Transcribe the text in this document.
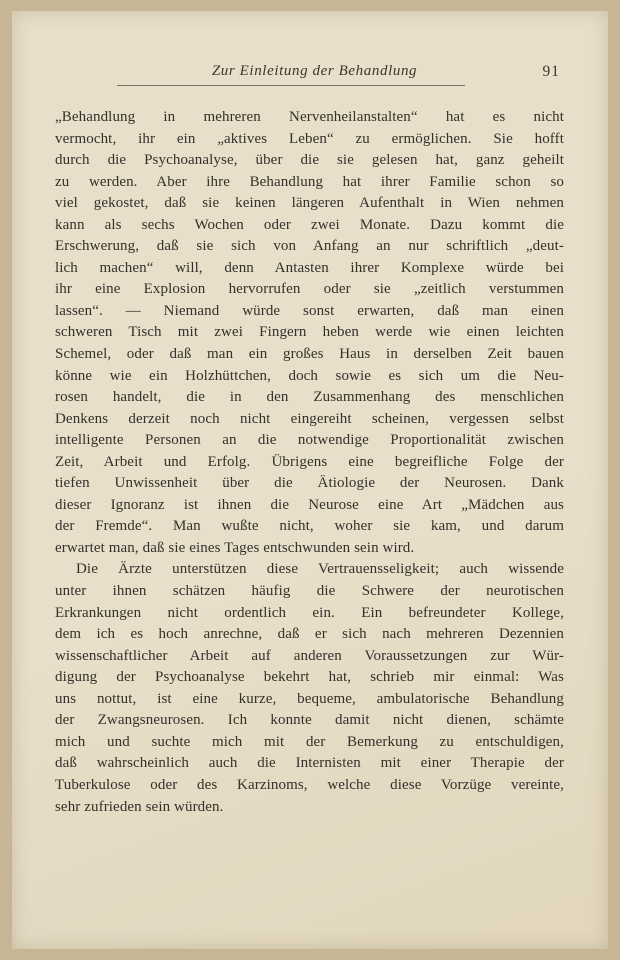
Zur Einleitung der Behandlung	91
„Behandlung in mehreren Nervenheilanstalten“ hat es nicht
vermocht, ihr ein „aktives Leben“ zu ermöglichen. Sie hofft
durch die Psychoanalyse, über die sie gelesen hat, ganz geheilt
zu werden. Aber ihre Behandlung hat ihrer Familie schon so
viel gekostet, daß sie keinen längeren Aufenthalt in Wien nehmen
kann als sechs Wochen oder zwei Monate. Dazu kommt die
Erschwerung, daß sie sich von Anfang an nur schriftlich „deut-
lich machen“ will, denn Antasten ihrer Komplexe würde bei
ihr eine Explosion hervorrufen oder sie „zeitlich verstummen
lassen“. — Niemand würde sonst erwarten, daß man einen
schweren Tisch mit zwei Fingern heben werde wie einen leichten
Schemel, oder daß man ein großes Haus in derselben Zeit bauen
könne wie ein Holzhüttchen, doch sowie es sich um die Neu-
rosen handelt, die in den Zusammenhang des menschlichen
Denkens derzeit noch nicht eingereiht scheinen, vergessen selbst
intelligente Personen an die notwendige Proportionalität zwischen
Zeit, Arbeit und Erfolg. Übrigens eine begreifliche Folge der
tiefen Unwissenheit über die Ätiologie der Neurosen. Dank
dieser Ignoranz ist ihnen die Neurose eine Art „Mädchen aus
der Fremde“. Man wußte nicht, woher sie kam, und darum
erwartet man, daß sie eines Tages entschwunden sein wird.
Die Ärzte unterstützen diese Vertrauensseligkeit; auch wissende
unter ihnen schätzen häufig die Schwere der neurotischen
Erkrankungen nicht ordentlich ein. Ein befreundeter Kollege,
dem ich es hoch anrechne, daß er sich nach mehreren Dezennien
wissenschaftlicher Arbeit auf anderen Voraussetzungen zur Wür-
digung der Psychoanalyse bekehrt hat, schrieb mir einmal: Was
uns nottut, ist eine kurze, bequeme, ambulatorische Behandlung
der Zwangsneurosen. Ich konnte damit nicht dienen, schämte
mich und suchte mich mit der Bemerkung zu entschuldigen,
daß wahrscheinlich auch die Internisten mit einer Therapie der
Tuberkulose oder des Karzinoms, welche diese Vorzüge vereinte,
sehr zufrieden sein würden.
